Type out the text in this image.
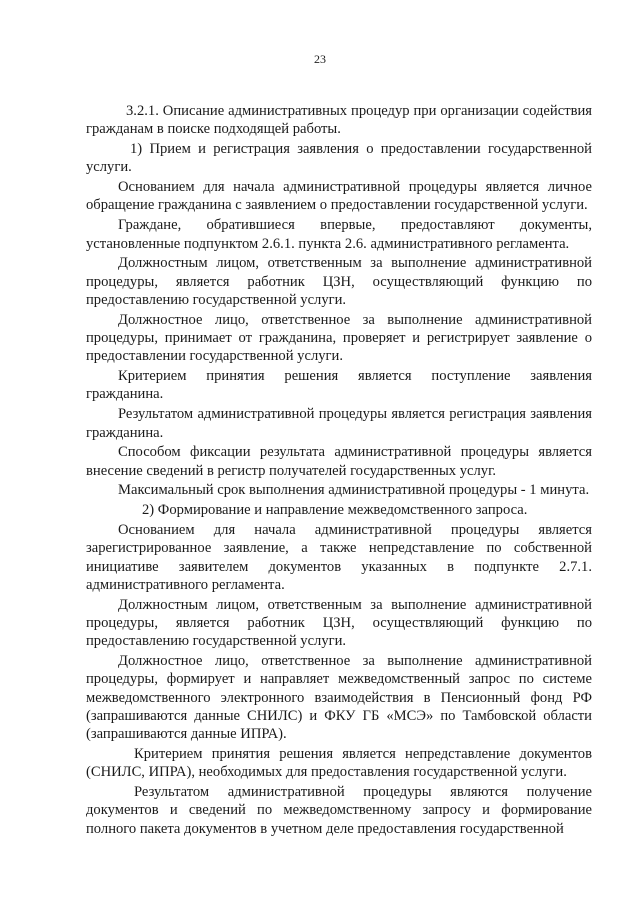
23

3.2.1. Описание административных процедур при организации содействия гражданам в поиске подходящей работы.

1) Прием и регистрация заявления о предоставлении государственной услуги.

Основанием для начала административной процедуры является личное обращение гражданина с заявлением о предоставлении государственной услуги.

Граждане, обратившиеся впервые, предоставляют документы, установленные подпунктом 2.6.1. пункта 2.6. административного регламента.

Должностным лицом, ответственным за выполнение административной процедуры, является работник ЦЗН, осуществляющий функцию по предоставлению государственной услуги.

Должностное лицо, ответственное за выполнение административной процедуры, принимает от гражданина, проверяет и регистрирует заявление о предоставлении государственной услуги.

Критерием принятия решения является поступление заявления гражданина.

Результатом административной процедуры является регистрация заявления гражданина.

Способом фиксации результата административной процедуры является внесение сведений в регистр получателей государственных услуг.

Максимальный срок выполнения административной процедуры - 1 минута.

2) Формирование и направление межведомственного запроса.

Основанием для начала административной процедуры является зарегистрированное заявление, а также непредставление по собственной инициативе заявителем документов указанных в подпункте 2.7.1. административного регламента.

Должностным лицом, ответственным за выполнение административной процедуры, является работник ЦЗН, осуществляющий функцию по предоставлению государственной услуги.

Должностное лицо, ответственное за выполнение административной процедуры, формирует и направляет межведомственный запрос по системе межведомственного электронного взаимодействия в Пенсионный фонд РФ (запрашиваются данные СНИЛС) и ФКУ ГБ «МСЭ» по Тамбовской области (запрашиваются данные ИПРА).

Критерием принятия решения является непредставление документов (СНИЛС, ИПРА), необходимых для предоставления государственной услуги.

Результатом административной процедуры являются получение документов и сведений по межведомственному запросу и формирование полного пакета документов в учетном деле предоставления государственной
